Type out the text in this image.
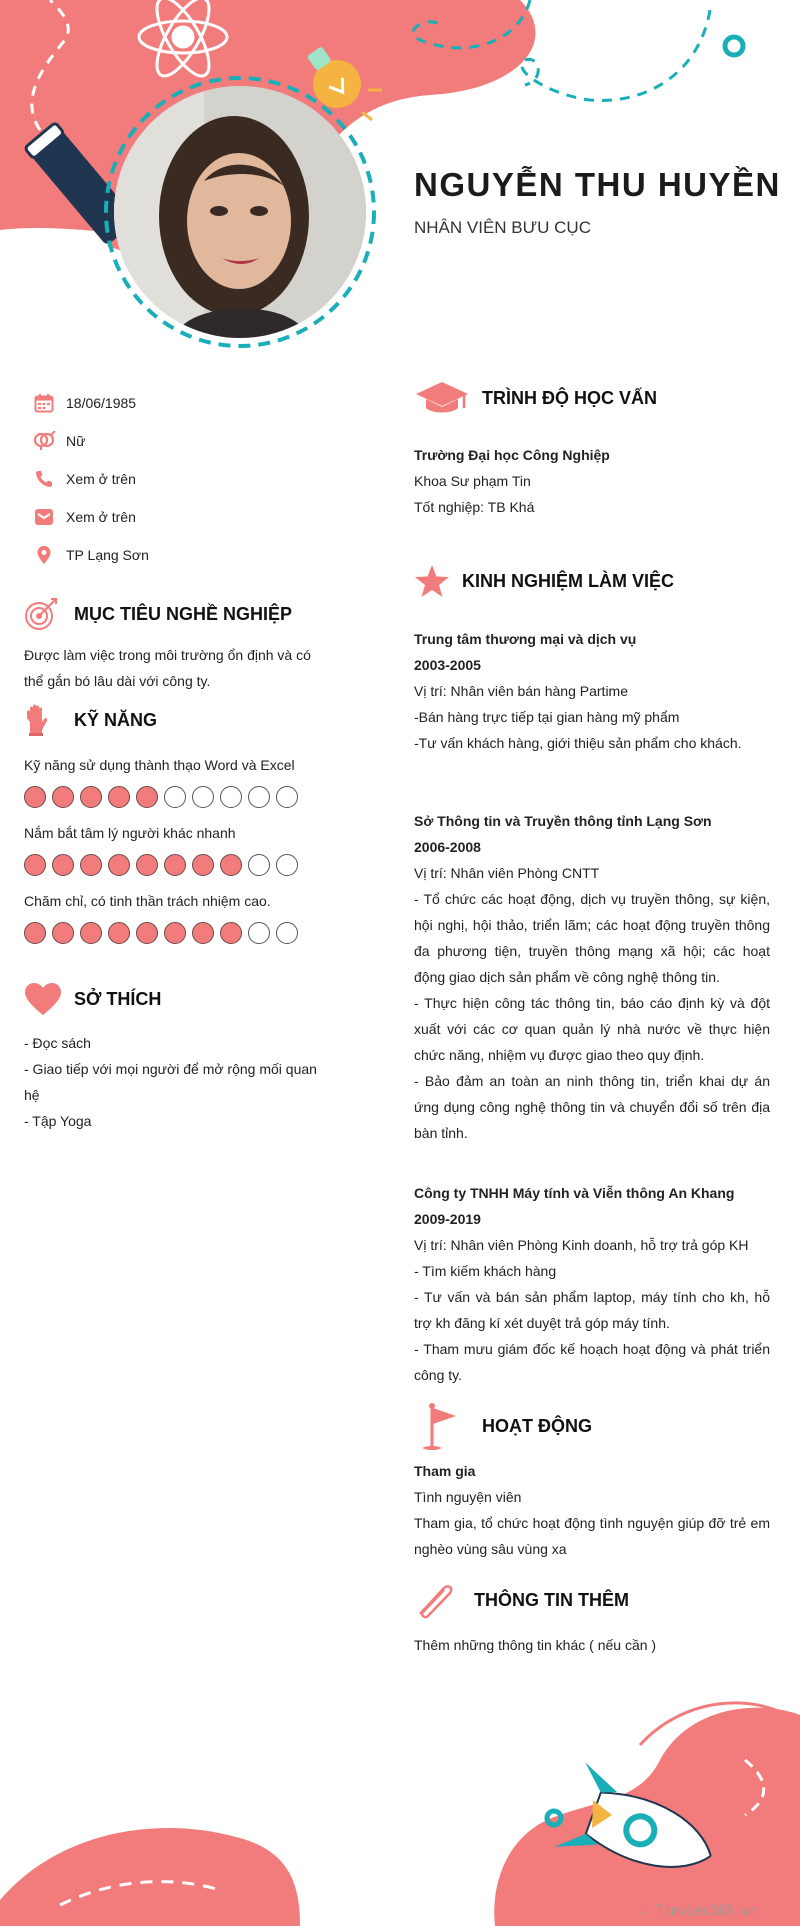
NGUYỄN THU HUYỀN
NHÂN VIÊN BƯU CỤC
18/06/1985
Nữ
Xem ở trên
Xem ở trên
TP Lạng Sơn
MỤC TIÊU NGHỀ NGHIỆP
Được làm việc trong môi trường ổn định và có thể gắn bó lâu dài với công ty.
KỸ NĂNG
Kỹ năng sử dụng thành thạo Word và Excel
Nắm bắt tâm lý người khác nhanh
Chăm chỉ, có tinh thần trách nhiệm cao.
SỞ THÍCH
- Đọc sách
- Giao tiếp với mọi người để mở rộng mối quan hệ
- Tập Yoga
TRÌNH ĐỘ HỌC VẤN
Trường Đại học Công Nghiệp
Khoa Sư phạm Tin
Tốt nghiệp: TB Khá
KINH NGHIỆM LÀM VIỆC
Trung tâm thương mại và dịch vụ
2003-2005
Vị trí: Nhân viên bán hàng Partime
-Bán hàng trực tiếp tại gian hàng mỹ phẩm
-Tư vấn khách hàng, giới thiệu sản phẩm cho khách.
Sở Thông tin và Truyền thông tỉnh Lạng Sơn
2006-2008
Vị trí: Nhân viên Phòng CNTT
- Tổ chức các hoạt động, dịch vụ truyền thông, sự kiện, hội nghị, hội thảo, triển lãm; các hoạt động truyền thông đa phương tiện, truyền thông mạng xã hội; các hoạt động giao dịch sản phẩm về công nghệ thông tin.
- Thực hiện công tác thông tin, báo cáo định kỳ và đột xuất với các cơ quan quản lý nhà nước về thực hiện chức năng, nhiệm vụ được giao theo quy định.
- Bảo đảm an toàn an ninh thông tin, triển khai dự án ứng dụng công nghệ thông tin và chuyển đổi số trên địa bàn tỉnh.
Công ty TNHH Máy tính và Viễn thông An Khang
2009-2019
Vị trí: Nhân viên Phòng Kinh doanh, hỗ trợ trả góp KH
- Tìm kiếm khách hàng
- Tư vấn và bán sản phẩm laptop, máy tính cho kh, hỗ trợ kh đăng kí xét duyệt trả góp máy tính.
- Tham mưu giám đốc kế hoạch hoạt động và phát triển công ty.
HOẠT ĐỘNG
Tham gia
Tình nguyện viên
Tham gia, tổ chức hoạt động tình nguyện giúp đỡ trẻ em nghèo vùng sâu vùng xa
THÔNG TIN THÊM
Thêm những thông tin khác ( nếu cần )
∴ Timviec365.vn
